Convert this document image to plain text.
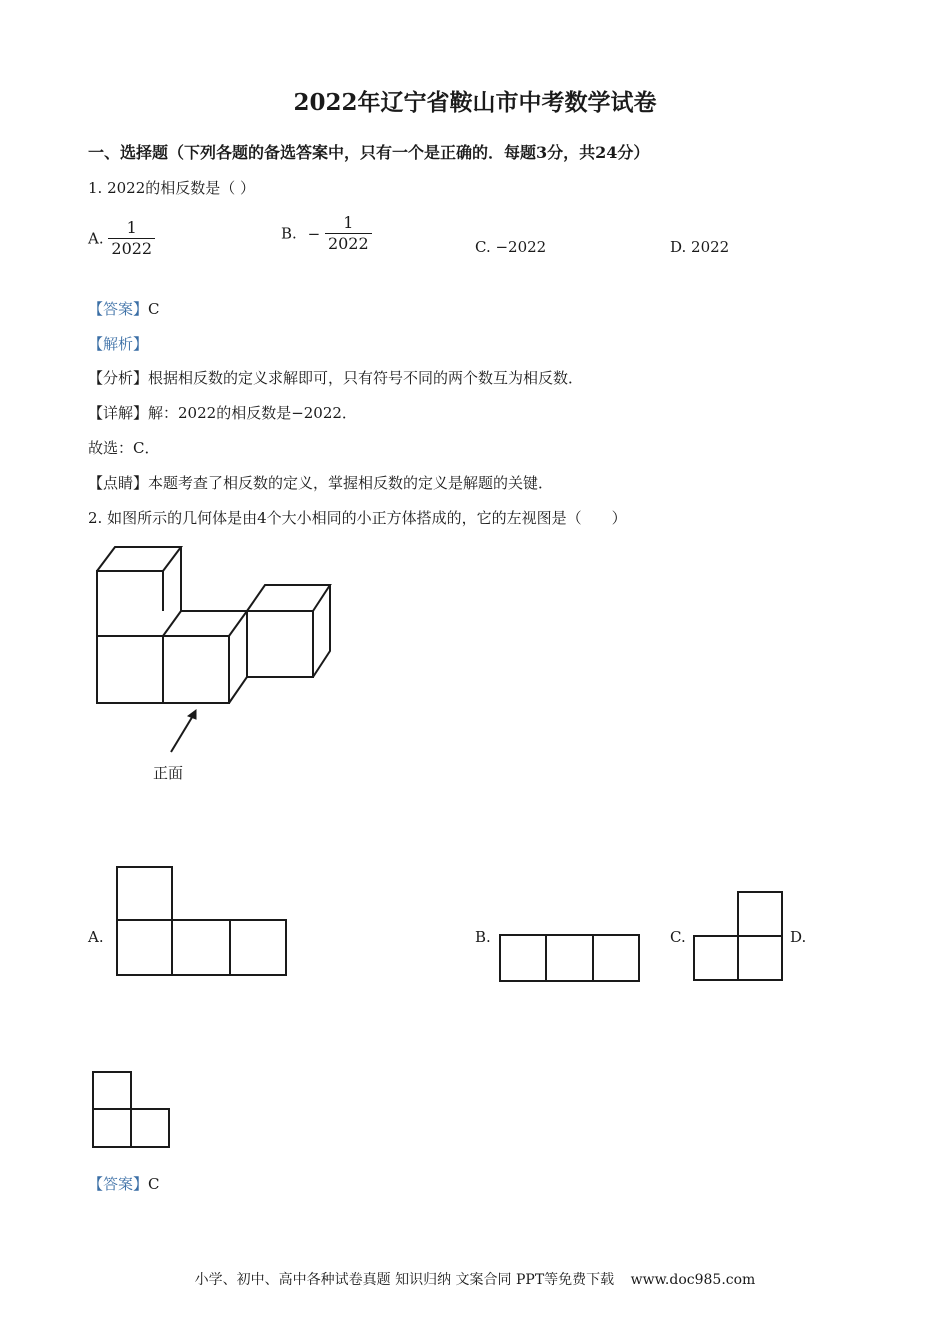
2022年辽宁省鞍山市中考数学试卷
一、选择题（下列各题的备选答案中，只有一个是正确的．每题3分，共24分）
1. 2022的相反数是（ ）
A. $\frac{1}{2022}$	B. − $\frac{1}{2022}$	C. −2022	D. 2022
【答案】C
【解析】
【分析】根据相反数的定义求解即可，只有符号不同的两个数互为相反数．
【详解】解：2022的相反数是−2022．
故选：C．
【点睛】本题考查了相反数的定义，掌握相反数的定义是解题的关键．
2. 如图所示的几何体是由4个大小相同的小正方体搭成的，它的左视图是（　　）
正面
A.	B.	C.	D.
【答案】C
小学、初中、高中各种试卷真题 知识归纳 文案合同 PPT等免费下载 www.doc985.com
